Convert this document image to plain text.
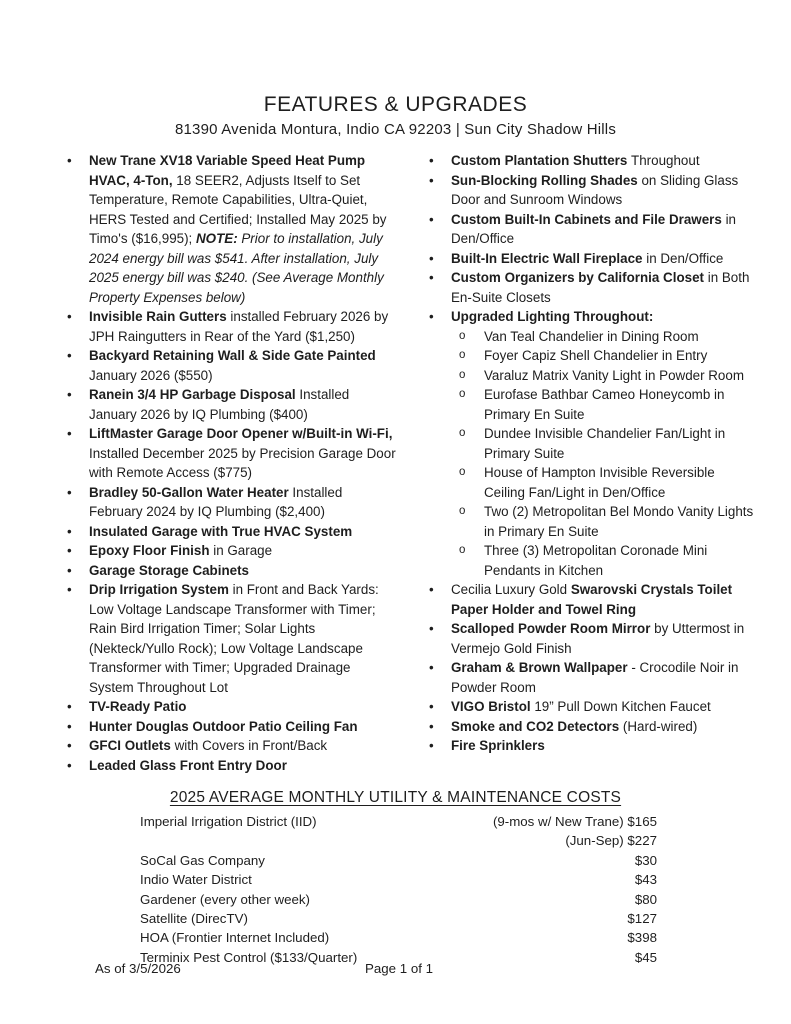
FEATURES & UPGRADES
81390 Avenida Montura, Indio CA 92203 | Sun City Shadow Hills
•	New Trane XV18 Variable Speed Heat Pump HVAC, 4-Ton, 18 SEER2, Adjusts Itself to Set Temperature, Remote Capabilities, Ultra-Quiet, HERS Tested and Certified; Installed May 2025 by Timo's ($16,995); NOTE: Prior to installation, July 2024 energy bill was $541. After installation, July 2025 energy bill was $240. (See Average Monthly Property Expenses below)
•	Invisible Rain Gutters installed February 2026 by JPH Raingutters in Rear of the Yard ($1,250)
•	Backyard Retaining Wall & Side Gate Painted January 2026 ($550)
•	Ranein 3/4 HP Garbage Disposal Installed January 2026 by IQ Plumbing ($400)
•	LiftMaster Garage Door Opener w/Built-in Wi-Fi, Installed December 2025 by Precision Garage Door with Remote Access ($775)
•	Bradley 50-Gallon Water Heater Installed February 2024 by IQ Plumbing ($2,400)
•	Insulated Garage with True HVAC System
•	Epoxy Floor Finish in Garage
•	Garage Storage Cabinets
•	Drip Irrigation System in Front and Back Yards: Low Voltage Landscape Transformer with Timer; Rain Bird Irrigation Timer; Solar Lights (Nekteck/Yullo Rock); Low Voltage Landscape Transformer with Timer; Upgraded Drainage System Throughout Lot
•	TV-Ready Patio
•	Hunter Douglas Outdoor Patio Ceiling Fan
•	GFCI Outlets with Covers in Front/Back
•	Leaded Glass Front Entry Door
•	Custom Plantation Shutters Throughout
•	Sun-Blocking Rolling Shades on Sliding Glass Door and Sunroom Windows
•	Custom Built-In Cabinets and File Drawers in Den/Office
•	Built-In Electric Wall Fireplace in Den/Office
•	Custom Organizers by California Closet in Both En-Suite Closets
•	Upgraded Lighting Throughout:
o	Van Teal Chandelier in Dining Room
o	Foyer Capiz Shell Chandelier in Entry
o	Varaluz Matrix Vanity Light in Powder Room
o	Eurofase Bathbar Cameo Honeycomb in Primary En Suite
o	Dundee Invisible Chandelier Fan/Light in Primary Suite
o	House of Hampton Invisible Reversible Ceiling Fan/Light in Den/Office
o	Two (2) Metropolitan Bel Mondo Vanity Lights in Primary En Suite
o	Three (3) Metropolitan Coronade Mini Pendants in Kitchen
•	Cecilia Luxury Gold Swarovski Crystals Toilet Paper Holder and Towel Ring
•	Scalloped Powder Room Mirror by Uttermost in Vermejo Gold Finish
•	Graham & Brown Wallpaper - Crocodile Noir in Powder Room
•	VIGO Bristol 19” Pull Down Kitchen Faucet
•	Smoke and CO2 Detectors (Hard-wired)
•	Fire Sprinklers
2025 AVERAGE MONTHLY UTILITY & MAINTENANCE COSTS
Imperial Irrigation District (IID)	(9-mos w/ New Trane) $165
(Jun-Sep) $227
SoCal Gas Company	$30
Indio Water District	$43
Gardener (every other week)	$80
Satellite (DirecTV)	$127
HOA (Frontier Internet Included)	$398
Terminix Pest Control ($133/Quarter)	$45
As of 3/5/2026	Page 1 of 1
